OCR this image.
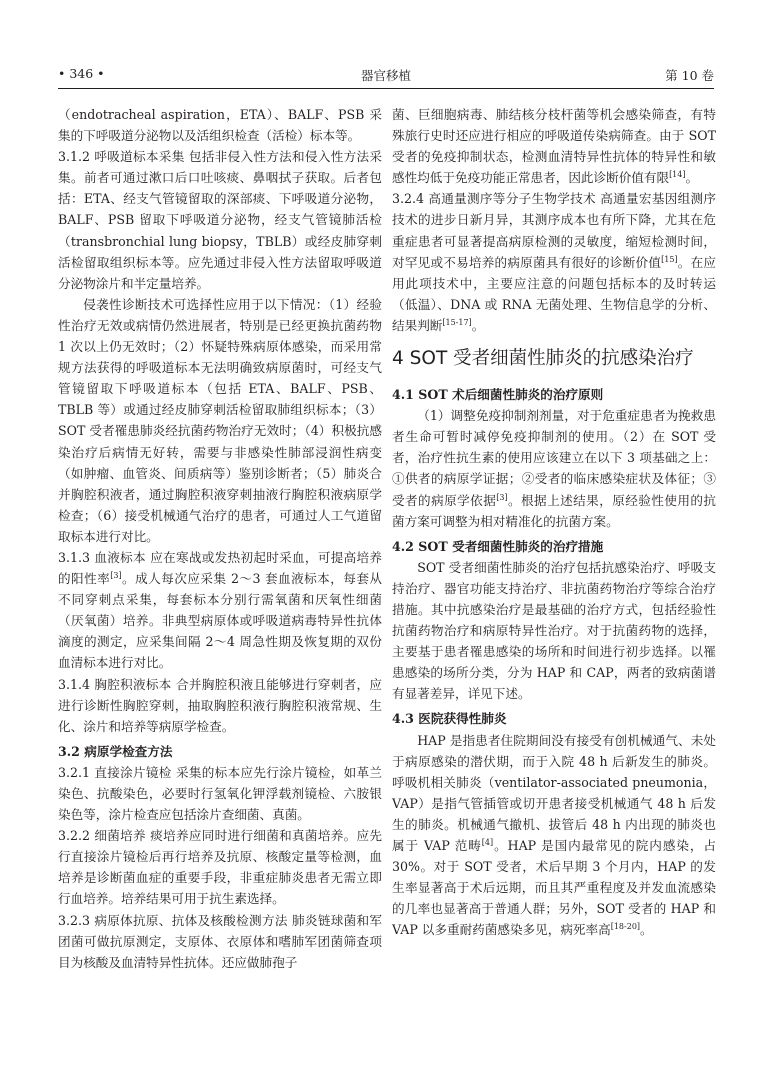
• 346 •	器官移植	第 10 卷

（endotracheal aspiration，ETA）、BALF、PSB 采集的下呼吸道分泌物以及活组织检查（活检）标本等。

3.1.2 呼吸道标本采集 包括非侵入性方法和侵入性方法采集。前者可通过漱口后口吐咳痰、鼻咽拭子获取。后者包括：ETA、经支气管镜留取的深部痰、下呼吸道分泌物，BALF、PSB 留取下呼吸道分泌物，经支气管镜肺活检（transbronchial lung biopsy，TBLB）或经皮肺穿刺活检留取组织标本等。应先通过非侵入性方法留取呼吸道分泌物涂片和半定量培养。

侵袭性诊断技术可选择性应用于以下情况：（1）经验性治疗无效或病情仍然进展者，特别是已经更换抗菌药物 1 次以上仍无效时；（2）怀疑特殊病原体感染，而采用常规方法获得的呼吸道标本无法明确致病原菌时，可经支气管镜留取下呼吸道标本（包括 ETA、BALF、PSB、TBLB 等）或通过经皮肺穿刺活检留取肺组织标本；（3）SOT 受者罹患肺炎经抗菌药物治疗无效时；（4）积极抗感染治疗后病情无好转，需要与非感染性肺部浸润性病变（如肿瘤、血管炎、间质病等）鉴别诊断者；（5）肺炎合并胸腔积液者，通过胸腔积液穿刺抽液行胸腔积液病原学检查；（6）接受机械通气治疗的患者，可通过人工气道留取标本进行对比。

3.1.3 血液标本 应在寒战或发热初起时采血，可提高培养的阳性率[3]。成人每次应采集 2～3 套血液标本，每套从不同穿刺点采集，每套标本分别行需氧菌和厌氧性细菌（厌氧菌）培养。非典型病原体或呼吸道病毒特异性抗体滴度的测定，应采集间隔 2～4 周急性期及恢复期的双份血清标本进行对比。

3.1.4 胸腔积液标本 合并胸腔积液且能够进行穿刺者，应进行诊断性胸腔穿刺，抽取胸腔积液行胸腔积液常规、生化、涂片和培养等病原学检查。

3.2 病原学检查方法

3.2.1 直接涂片镜检 采集的标本应先行涂片镜检，如革兰染色、抗酸染色，必要时行氢氧化钾浮载剂镜检、六胺银染色等，涂片检查应包括涂片查细菌、真菌。

3.2.2 细菌培养 痰培养应同时进行细菌和真菌培养。应先行直接涂片镜检后再行培养及抗原、核酸定量等检测，血培养是诊断菌血症的重要手段，非重症肺炎患者无需立即行血培养。培养结果可用于抗生素选择。

3.2.3 病原体抗原、抗体及核酸检测方法 肺炎链球菌和军团菌可做抗原测定，支原体、衣原体和嗜肺军团菌筛查项目为核酸及血清特异性抗体。还应做肺孢子

菌、巨细胞病毒、肺结核分枝杆菌等机会感染筛查，有特殊旅行史时还应进行相应的呼吸道传染病筛查。由于 SOT 受者的免疫抑制状态，检测血清特异性抗体的特异性和敏感性均低于免疫功能正常患者，因此诊断价值有限[14]。

3.2.4 高通量测序等分子生物学技术 高通量宏基因组测序技术的进步日新月异，其测序成本也有所下降，尤其在危重症患者可显著提高病原检测的灵敏度，缩短检测时间，对罕见或不易培养的病原菌具有很好的诊断价值[15]。在应用此项技术中，主要应注意的问题包括标本的及时转运（低温）、DNA 或 RNA 无菌处理、生物信息学的分析、结果判断[15-17]。

4 SOT 受者细菌性肺炎的抗感染治疗
4.1 SOT 术后细菌性肺炎的治疗原则

（1）调整免疫抑制剂剂量，对于危重症患者为挽救患者生命可暂时减停免疫抑制剂的使用。（2）在 SOT 受者，治疗性抗生素的使用应该建立在以下 3 项基础之上：①供者的病原学证据；②受者的临床感染症状及体征；③受者的病原学依据[3]。根据上述结果，原经验性使用的抗菌方案可调整为相对精准化的抗菌方案。

4.2 SOT 受者细菌性肺炎的治疗措施

SOT 受者细菌性肺炎的治疗包括抗感染治疗、呼吸支持治疗、器官功能支持治疗、非抗菌药物治疗等综合治疗措施。其中抗感染治疗是最基础的治疗方式，包括经验性抗菌药物治疗和病原特异性治疗。对于抗菌药物的选择，主要基于患者罹患感染的场所和时间进行初步选择。以罹患感染的场所分类，分为 HAP 和 CAP，两者的致病菌谱有显著差异，详见下述。

4.3 医院获得性肺炎

HAP 是指患者住院期间没有接受有创机械通气、未处于病原感染的潜伏期，而于入院 48 h 后新发生的肺炎。呼吸机相关肺炎（ventilator-associated pneumonia，VAP）是指气管插管或切开患者接受机械通气 48 h 后发生的肺炎。机械通气撤机、拔管后 48 h 内出现的肺炎也属于 VAP 范畴[4]。HAP 是国内最常见的院内感染，占 30%。对于 SOT 受者，术后早期 3 个月内，HAP 的发生率显著高于术后远期，而且其严重程度及并发血流感染的几率也显著高于普通人群；另外，SOT 受者的 HAP 和 VAP 以多重耐药菌感染多见，病死率高[18-20]。
